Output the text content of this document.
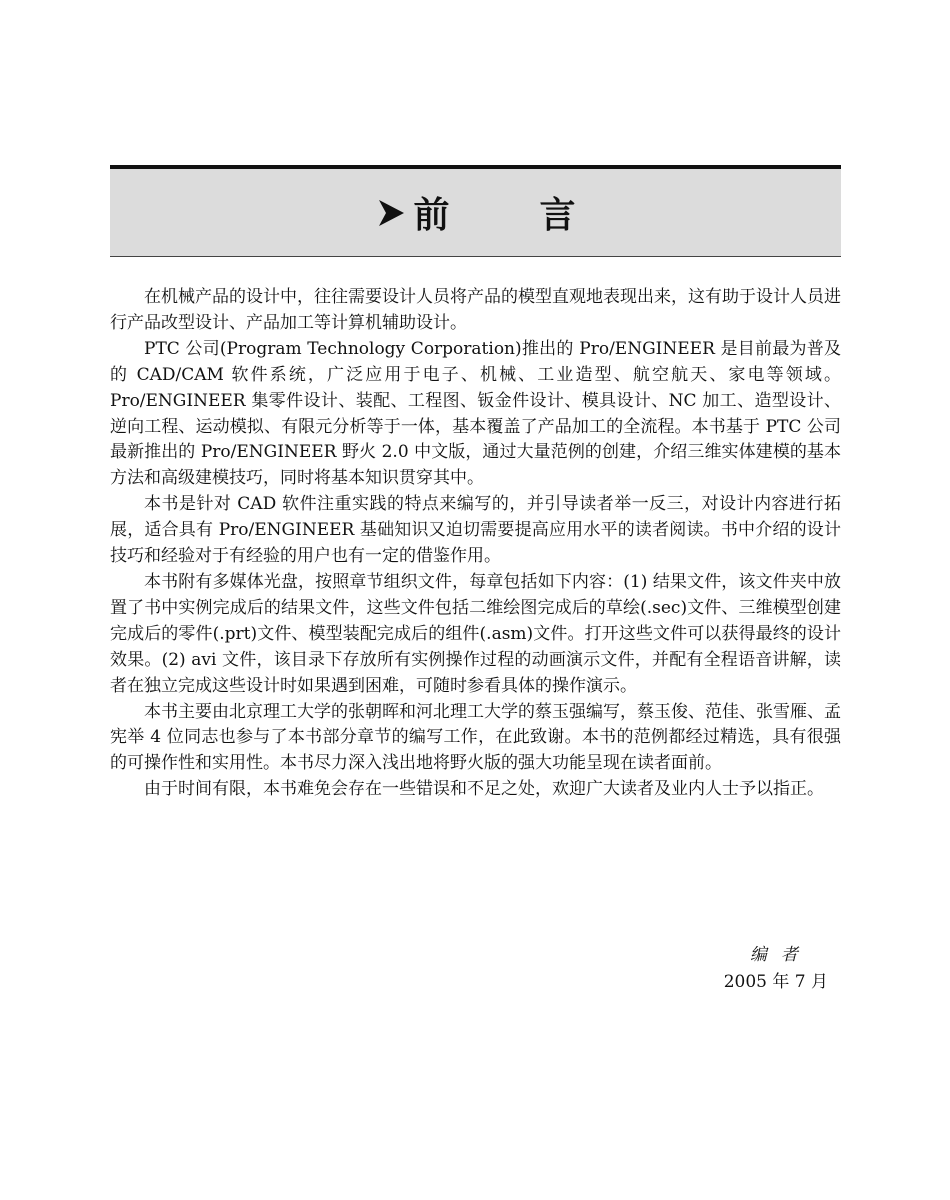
前	言

在机械产品的设计中，往往需要设计人员将产品的模型直观地表现出来，这有助于设计人员进行产品改型设计、产品加工等计算机辅助设计。

PTC 公司(Program Technology Corporation)推出的 Pro/ENGINEER 是目前最为普及的 CAD/CAM 软件系统，广泛应用于电子、机械、工业造型、航空航天、家电等领域。Pro/ENGINEER 集零件设计、装配、工程图、钣金件设计、模具设计、NC 加工、造型设计、逆向工程、运动模拟、有限元分析等于一体，基本覆盖了产品加工的全流程。本书基于 PTC 公司最新推出的 Pro/ENGINEER 野火 2.0 中文版，通过大量范例的创建，介绍三维实体建模的基本方法和高级建模技巧，同时将基本知识贯穿其中。

本书是针对 CAD 软件注重实践的特点来编写的，并引导读者举一反三，对设计内容进行拓展，适合具有 Pro/ENGINEER 基础知识又迫切需要提高应用水平的读者阅读。书中介绍的设计技巧和经验对于有经验的用户也有一定的借鉴作用。

本书附有多媒体光盘，按照章节组织文件，每章包括如下内容：(1) 结果文件，该文件夹中放置了书中实例完成后的结果文件，这些文件包括二维绘图完成后的草绘(.sec)文件、三维模型创建完成后的零件(.prt)文件、模型装配完成后的组件(.asm)文件。打开这些文件可以获得最终的设计效果。(2) avi 文件，该目录下存放所有实例操作过程的动画演示文件，并配有全程语音讲解，读者在独立完成这些设计时如果遇到困难，可随时参看具体的操作演示。

本书主要由北京理工大学的张朝晖和河北理工大学的蔡玉强编写，蔡玉俊、范佳、张雪雁、孟宪举 4 位同志也参与了本书部分章节的编写工作，在此致谢。本书的范例都经过精选，具有很强的可操作性和实用性。本书尽力深入浅出地将野火版的强大功能呈现在读者面前。

由于时间有限，本书难免会存在一些错误和不足之处，欢迎广大读者及业内人士予以指正。

编者
2005 年 7 月
